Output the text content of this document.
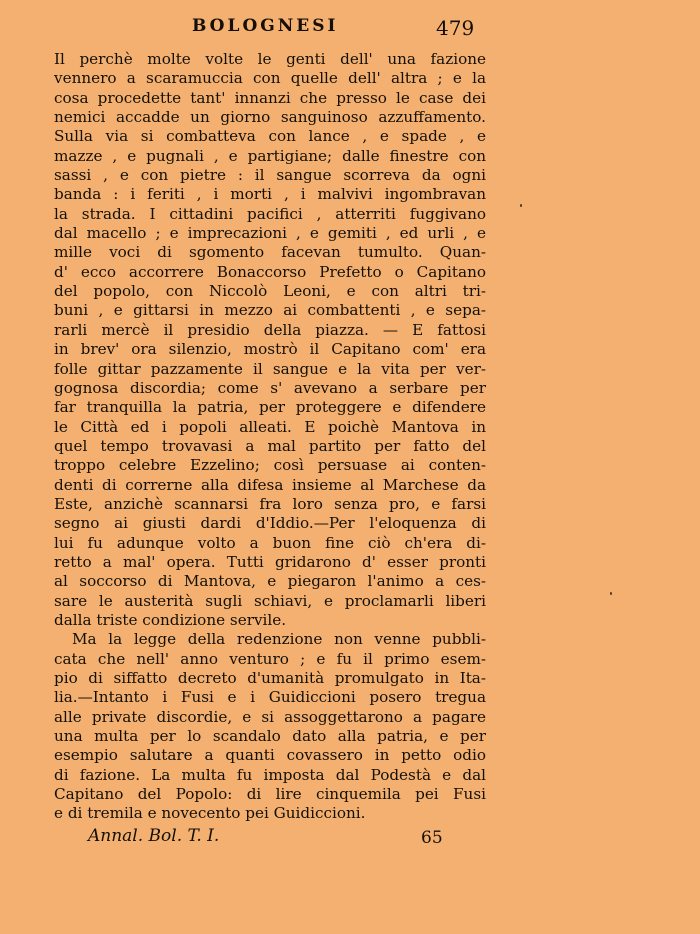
BOLOGNESI	479
Il perchè molte volte le genti dell' una fazione
vennero a scaramuccia con quelle dell' altra ; e la
cosa procedette tant' innanzi che presso le case dei
nemici accadde un giorno sanguinoso azzuffamento.
Sulla via si combatteva con lance , e spade , e
mazze , e pugnali , e partigiane; dalle finestre con
sassi , e con pietre : il sangue scorreva da ogni
banda : i feriti , i morti , i malvivi ingombravan
la strada. I cittadini pacifici , atterriti fuggivano
dal macello ; e imprecazioni , e gemiti , ed urli , e
mille voci di sgomento facevan tumulto. Quan-
d' ecco accorrere Bonaccorso Prefetto o Capitano
del popolo, con Niccolò Leoni, e con altri tri-
buni , e gittarsi in mezzo ai combattenti , e sepa-
rarli mercè il presidio della piazza. — E fattosi
in brev' ora silenzio, mostrò il Capitano com' era
folle gittar pazzamente il sangue e la vita per ver-
gognosa discordia; come s' avevano a serbare per
far tranquilla la patria, per proteggere e difendere
le Città ed i popoli alleati. E poichè Mantova in
quel tempo trovavasi a mal partito per fatto del
troppo celebre Ezzelino; così persuase ai conten-
denti di correrne alla difesa insieme al Marchese da
Este, anzichè scannarsi fra loro senza pro, e farsi
segno ai giusti dardi d'Iddio.—Per l'eloquenza di
lui fu adunque volto a buon fine ciò ch'era di-
retto a mal' opera. Tutti gridarono d' esser pronti
al soccorso di Mantova, e piegaron l'animo a ces-
sare le austerità sugli schiavi, e proclamarli liberi
dalla triste condizione servile.
Ma la legge della redenzione non venne pubbli-
cata che nell' anno venturo ; e fu il primo esem-
pio di siffatto decreto d'umanità promulgato in Ita-
lia.—Intanto i Fusi e i Guidiccioni posero tregua
alle private discordie, e si assoggettarono a pagare
una multa per lo scandalo dato alla patria, e per
esempio salutare a quanti covassero in petto odio
di fazione. La multa fu imposta dal Podestà e dal
Capitano del Popolo: di lire cinquemila pei Fusi
e di tremila e novecento pei Guidiccioni.
Annal. Bol. T. I.	65
